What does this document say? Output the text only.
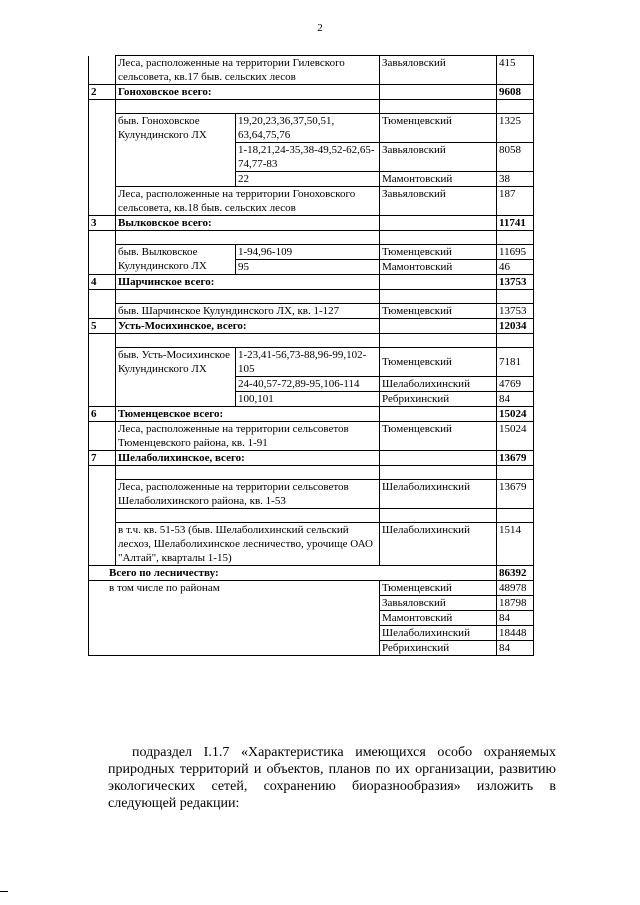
2
	Леса, расположенные на территории Гилевского сельсовета, кв.17 быв. сельских лесов		Завьяловский	415
2	Гоноховское всего:			9608

	быв. Гоноховское Кулундинского ЛХ	19,20,23,36,37,50,51, 63,64,75,76	Тюменцевский	1325
		1-18,21,24-35,38-49,52-62,65-74,77-83	Завьяловский	8058
		22	Мамонтовский	38
	Леса, расположенные на территории Гоноховского сельсовета, кв.18 быв. сельских лесов		Завьяловский	187
3	Вылковское всего:			11741

	быв. Вылковское Кулундинского ЛХ	1-94,96-109	Тюменцевский	11695
		95	Мамонтовский	46
4	Шарчинское всего:			13753

	быв. Шарчинское Кулундинского ЛХ, кв. 1-127		Тюменцевский	13753
5	Усть-Мосихинское, всего:			12034

	быв. Усть-Мосихинское Кулундинского ЛХ	1-23,41-56,73-88,96-99,102-105	Тюменцевский	7181
		24-40,57-72,89-95,106-114	Шелаболихинский	4769
		100,101	Ребрихинский	84
6	Тюменцевское всего:			15024
	Леса, расположенные на территории сельсоветов Тюменцевского района, кв. 1-91		Тюменцевский	15024
7	Шелаболихинское, всего:			13679

	Леса, расположенные на территории сельсоветов Шелаболихинского района, кв. 1-53		Шелаболихинский	13679

	в т.ч. кв. 51-53 (быв. Шелаболихинский сельский лесхоз, Шелаболихинское лесничество, урочище ОАО "Алтай", кварталы 1-15)		Шелаболихинский	1514
Всего по лесничеству:				86392
в том числе по районам			Тюменцевский	48978
			Завьяловский	18798
			Мамонтовский	84
			Шелаболихинский	18448
			Ребрихинский	84
подраздел I.1.7 «Характеристика имеющихся особо охраняемых природных территорий и объектов, планов по их организации, развитию экологических сетей, сохранению биоразнообразия» изложить в следующей редакции:
